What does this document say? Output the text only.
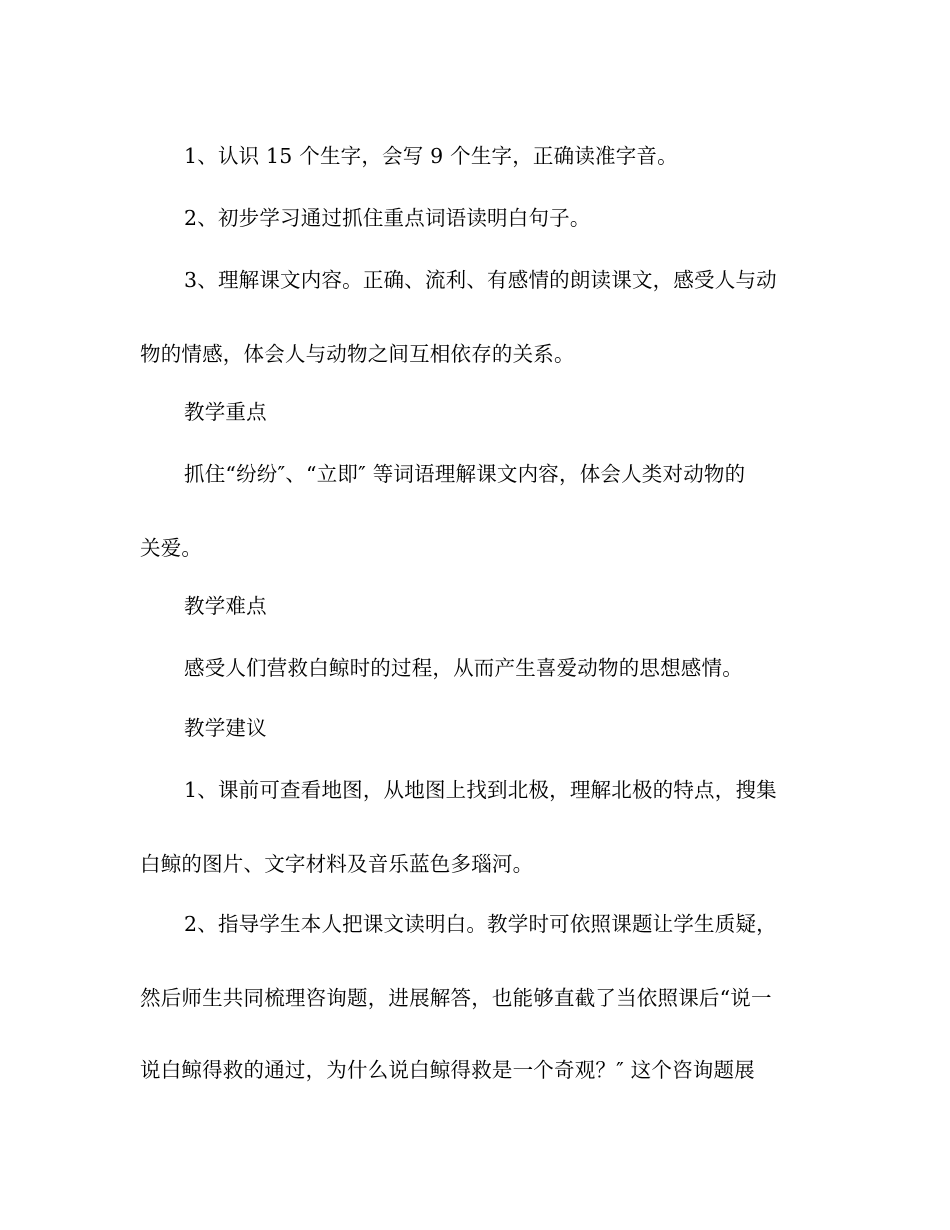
1、认识 15 个生字，会写 9 个生字，正确读准字音。
2、初步学习通过抓住重点词语读明白句子。
3、理解课文内容。正确、流利、有感情的朗读课文，感受人与动
物的情感，体会人与动物之间互相依存的关系。
教学重点
抓住“纷纷″、“立即″ 等词语理解课文内容，体会人类对动物的
关爱。
教学难点
感受人们营救白鲸时的过程，从而产生喜爱动物的思想感情。
教学建议
1、课前可查看地图，从地图上找到北极，理解北极的特点，搜集
白鲸的图片、文字材料及音乐蓝色多瑙河。
2、指导学生本人把课文读明白。教学时可依照课题让学生质疑，
然后师生共同梳理咨询题，进展解答，也能够直截了当依照课后“说一
说白鲸得救的通过，为什么说白鲸得救是一个奇观？″ 这个咨询题展
